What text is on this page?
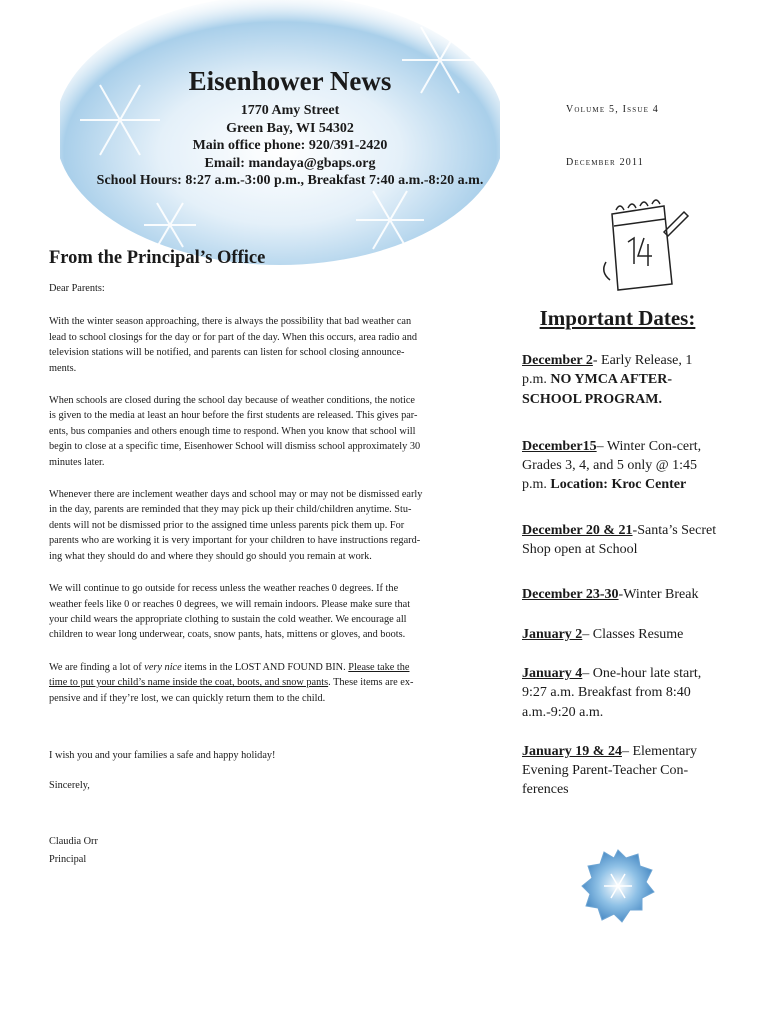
Eisenhower News
1770 Amy Street
Green Bay, WI 54302
Main office phone: 920/391-2420
Email: mandaya@gbaps.org
School Hours: 8:27 a.m.-3:00 p.m., Breakfast 7:40 a.m.-8:20 a.m.
Volume 5, Issue 4
December 2011
From the Principal’s Office

Dear Parents:

With the winter season approaching, there is always the possibility that bad weather can

lead to school closings for the day or for part of the day. When this occurs, area radio and

television stations will be notified, and parents can listen for school closing announce-

ments.

When schools are closed during the school day because of weather conditions, the notice

is given to the media at least an hour before the first students are released. This gives par-

ents, bus companies and others enough time to respond. When you know that school will

begin to close at a specific time, Eisenhower School will dismiss school approximately 30

minutes later.

Whenever there are inclement weather days and school may or may not be dismissed early

in the day, parents are reminded that they may pick up their child/children anytime. Stu-

dents will not be dismissed prior to the assigned time unless parents pick them up. For

parents who are working it is very important for your children to have instructions regard-

ing what they should do and where they should go should you remain at work.

We will continue to go outside for recess unless the weather reaches 0 degrees. If the

weather feels like 0 or reaches 0 degrees, we will remain indoors. Please make sure that

your child wears the appropriate clothing to sustain the cold weather. We encourage all

children to wear long underwear, coats, snow pants, hats, mittens or gloves, and boots.

We are finding a lot of very nice items in the LOST AND FOUND BIN. Please take the

time to put your child’s name inside the coat, boots, and snow pants. These items are ex-

pensive and if they’re lost, we can quickly return them to the child.

I wish you and your families a safe and happy holiday!

Sincerely,

Claudia Orr

Principal

Important Dates:
December 2- Early Release, 1 p.m. NO YMCA AFTER-SCHOOL PROGRAM.
December15– Winter Con-cert, Grades 3, 4, and 5 only @ 1:45 p.m. Location: Kroc Center
December 20 & 21-Santa’s Secret Shop open at School
December 23-30-Winter Break
January 2– Classes Resume
January 4– One-hour late start, 9:27 a.m. Breakfast from 8:40 a.m.-9:20 a.m.
January 19 & 24– Elementary Evening Parent-Teacher Con-ferences
